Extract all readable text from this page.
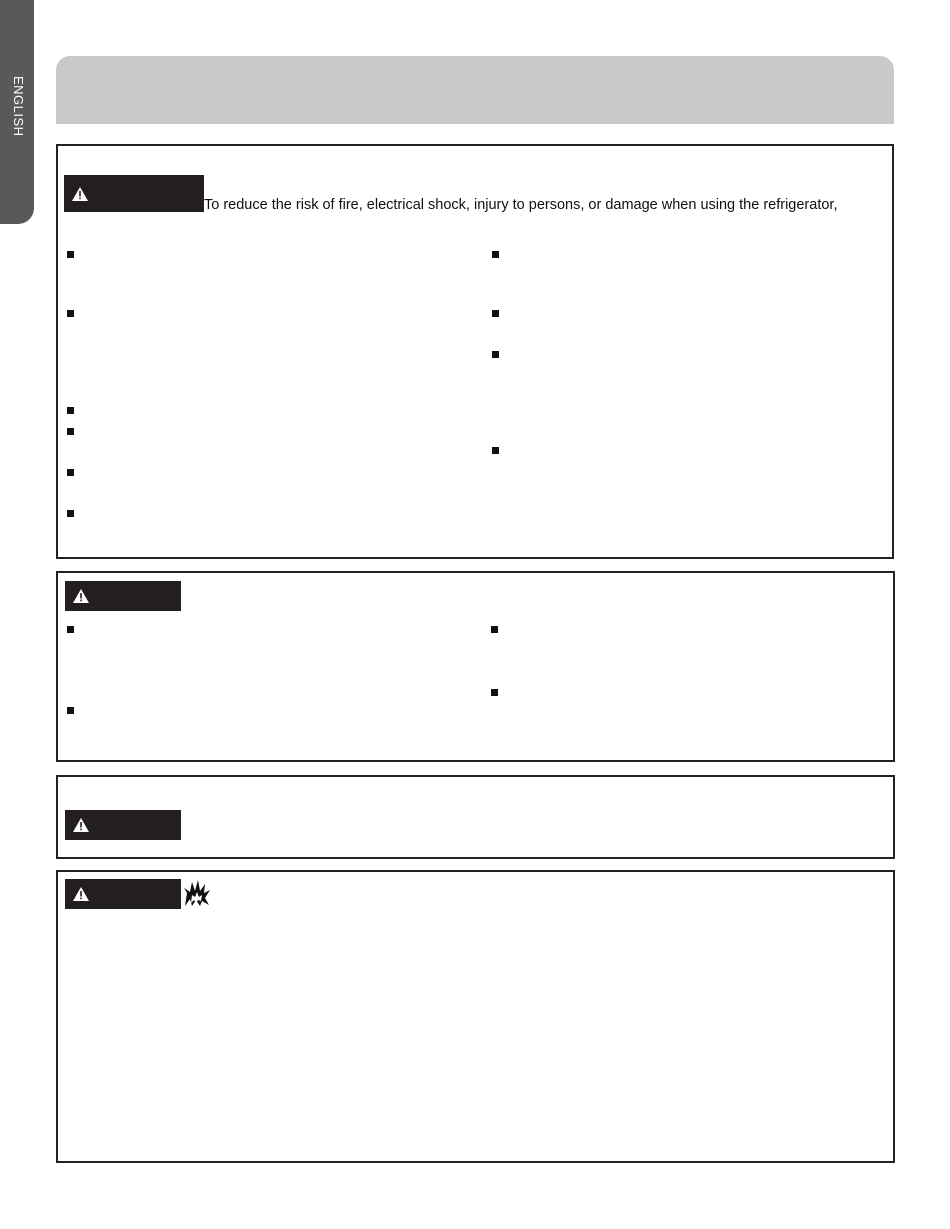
ENGLISH
To reduce the risk of fire, electrical shock, injury to persons, or damage when using the refrigerator,
